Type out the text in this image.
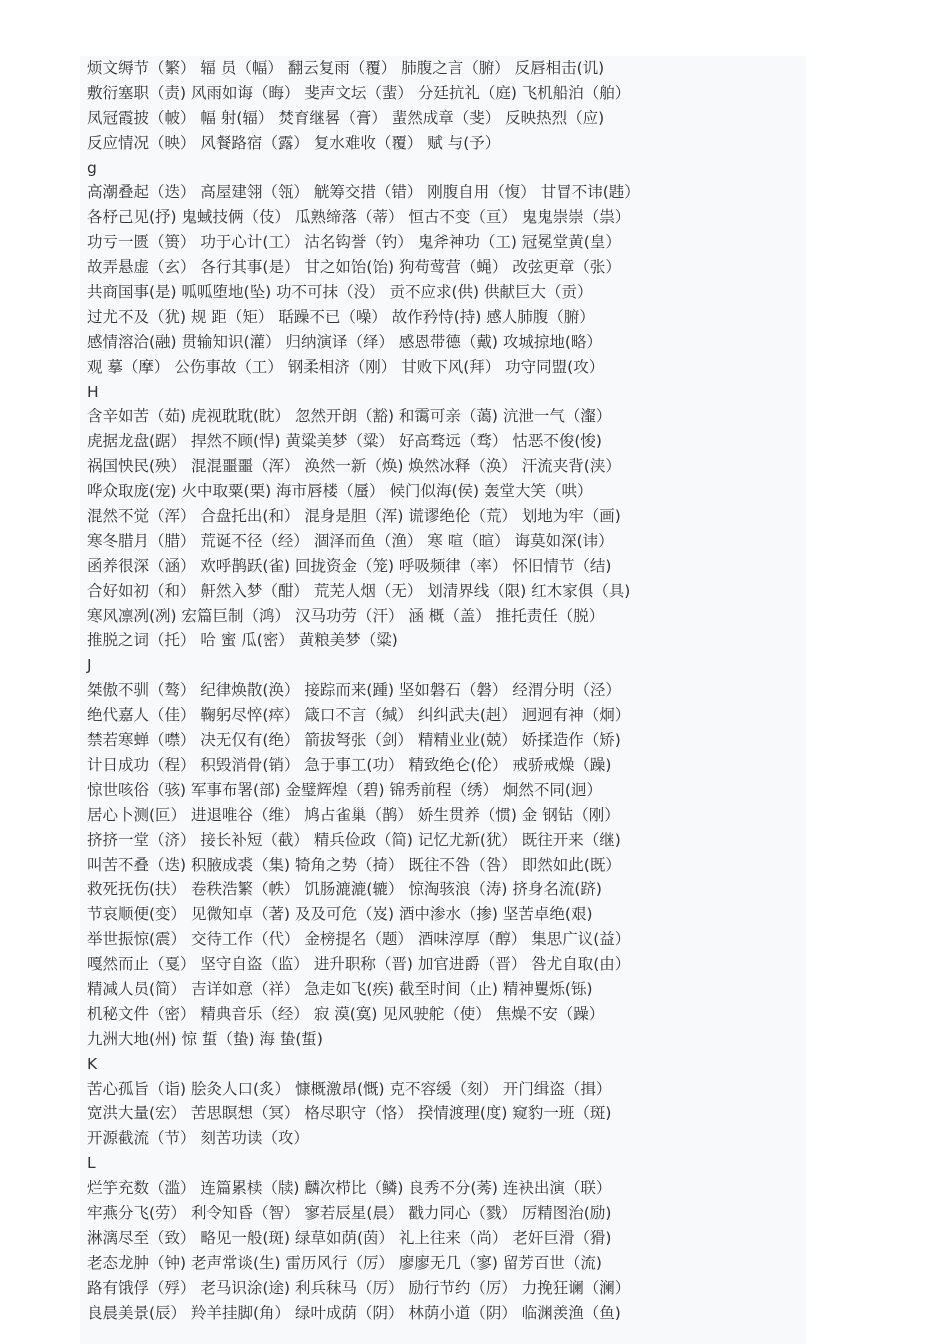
烦文缛节（繁） 辐 员（幅） 翻云复雨（覆） 肺腹之言（腑） 反唇相击(讥)
敷衍塞职（责) 风雨如诲（晦） 斐声文坛（蜚） 分廷抗礼（庭) 飞机船泊（舶）
凤冠霞披（帔） 幅 射(辐） 焚育继晷（膏） 蜚然成章（斐） 反映热烈（应)
反应情况（映） 风餐路宿（露） 复水难收（覆） 赋 与(予）
g
高潮叠起（迭） 高屋建翎（瓴） 觥筹交措（错） 刚腹自用（愎） 甘冒不讳(韪）
各杼己见(抒) 鬼蜮技俩（伎） 瓜熟缔落（蒂） 恒古不变（亘） 鬼鬼崇崇（祟）
功亏一匮（篑） 功于心计(工） 沽名钩誉（钓） 鬼斧神功（工) 冠冕堂黄(皇）
故弄悬虚（玄） 各行其事(是） 甘之如饴(饴) 狗苟莺营（蝇） 改弦更章（张）
共商国事(是) 呱呱堕地(坠) 功不可抹（没） 贡不应求(供) 供献巨大（贡）
过尤不及（犹) 规 距（矩） 聒躁不已（噪） 故作矜恃(持) 感人肺腹（腑）
感情溶洽(融) 贯输知识(灌） 归纳演译（绎） 感恩带德（戴) 攻城掠地(略）
观 摹（摩） 公伤事故（工） 钢柔相济（刚） 甘败下风(拜） 功守同盟(攻）
H
含辛如苦（茹) 虎视耽耽(眈） 忽然开朗（豁) 和霭可亲（蔼) 沆泄一气（瀣）
虎据龙盘(踞） 捍然不顾(悍) 黄粱美梦（粱） 好高骛远（骛） 怙恶不俊(悛)
祸国怏民(殃） 混混噩噩（浑） 涣然一新（焕) 焕然冰释（涣） 汗流夹背(浃）
哗众取庞(宠) 火中取粟(栗) 海市唇楼（蜃） 候门似海(侯) 轰堂大笑（哄）
混然不觉（浑） 合盘托出(和） 混身是胆（浑) 谎谬绝伦（荒） 划地为牢（画)
寒冬腊月（腊） 荒诞不径（经） 涸泽而鱼（渔） 寒 喧（暄） 诲莫如深(讳）
函养很深（涵） 欢呼鹊跃(雀) 回拢资金（笼) 呼吸频律（率） 怀旧情节（结)
合好如初（和） 鼾然入梦（酣） 荒芜人烟（无） 划清界线（限) 红木家俱（具)
寒风凛冽(冽) 宏篇巨制（鸿） 汉马功劳（汗） 涵 概（盖） 推托责任（脱）
推脱之词（托） 哈 蜜 瓜(密） 黄粮美梦（粱)
J
桀傲不驯（骜） 纪律焕散(涣） 接踪而来(踵) 坚如磐石（磐） 经渭分明（泾）
绝代嘉人（佳） 鞠躬尽悴(瘁） 箴口不言（缄） 纠纠武夫(赳） 迥迥有神（炯）
禁若寒蝉（噤） 决无仅有(绝） 箭拔弩张（剑） 精精业业(兢） 娇揉造作（矫)
计日成功（程） 积毁消骨(销） 急于事工(功） 精致绝仑(伦） 戒骄戒燥（躁)
惊世咳俗（骇) 军事布署(部) 金璧辉煌（碧) 锦秀前程（绣） 炯然不同(迥）
居心卜测(叵） 进退唯谷（维） 鸠占雀巢（鹊） 娇生贯养（惯) 金 钢钻（刚）
挤挤一堂（济） 接长补短（截） 精兵俭政（简) 记忆尤新(犹） 既往开来（继)
叫苦不叠（迭) 积腋成裘（集) 犄角之势（掎） 既往不咎（咎） 即然如此(既）
救死抚伤(扶） 卷秩浩繁（帙） 饥肠漉漉(辘） 惊淘骇浪（涛) 挤身名流(跻)
节哀顺便(变） 见微知卓（著) 及及可危（岌) 酒中渗水（掺) 坚苦卓绝(艰)
举世振惊(震） 交待工作（代） 金榜提名（题） 酒味淳厚（醇） 集思广议(益）
嘎然而止（戛） 坚守自盗（监） 进升职称（晋) 加官进爵（晋） 咎尤自取(由）
精减人员(简） 吉详如意（祥） 急走如飞(疾) 截至时间（止) 精神矍烁(铄)
机秘文件（密） 精典音乐（经） 寂 漠(寞) 见风驶舵（使） 焦燥不安（躁）
九洲大地(州) 惊 蜇（蛰) 海 蛰(蜇)
K
苦心孤旨（诣) 脍灸人口(炙） 慷概激昂(慨) 克不容缓（刻） 开门缉盗（揖）
宽洪大量(宏） 苦思瞑想（冥） 格尽职守（恪） 揆情渡理(度) 窥豹一班（斑)
开源截流（节） 刻苦功读（攻）
L
烂竽充数（滥） 连篇累椟（牍) 麟次栉比（鳞) 良秀不分(莠) 连袂出演（联）
牢燕分飞(劳） 利令知昏（智） 寥若辰星(晨） 戳力同心（戮） 厉精图治(励)
淋漓尽至（致） 略见一般(斑) 绿草如荫(茵） 礼上往来（尚） 老奸巨滑（猾)
老态龙肿（钟) 老声常谈(生) 雷历风行（厉） 廖廖无几（寥) 留芳百世（流)
路有饿俘（殍） 老马识涂(途) 利兵秣马（厉） 励行节约（厉） 力挽狂谰（澜）
良晨美景(辰） 羚羊挂脚(角） 绿叶成荫（阴） 林荫小道（阴） 临渊羡渔（鱼)
